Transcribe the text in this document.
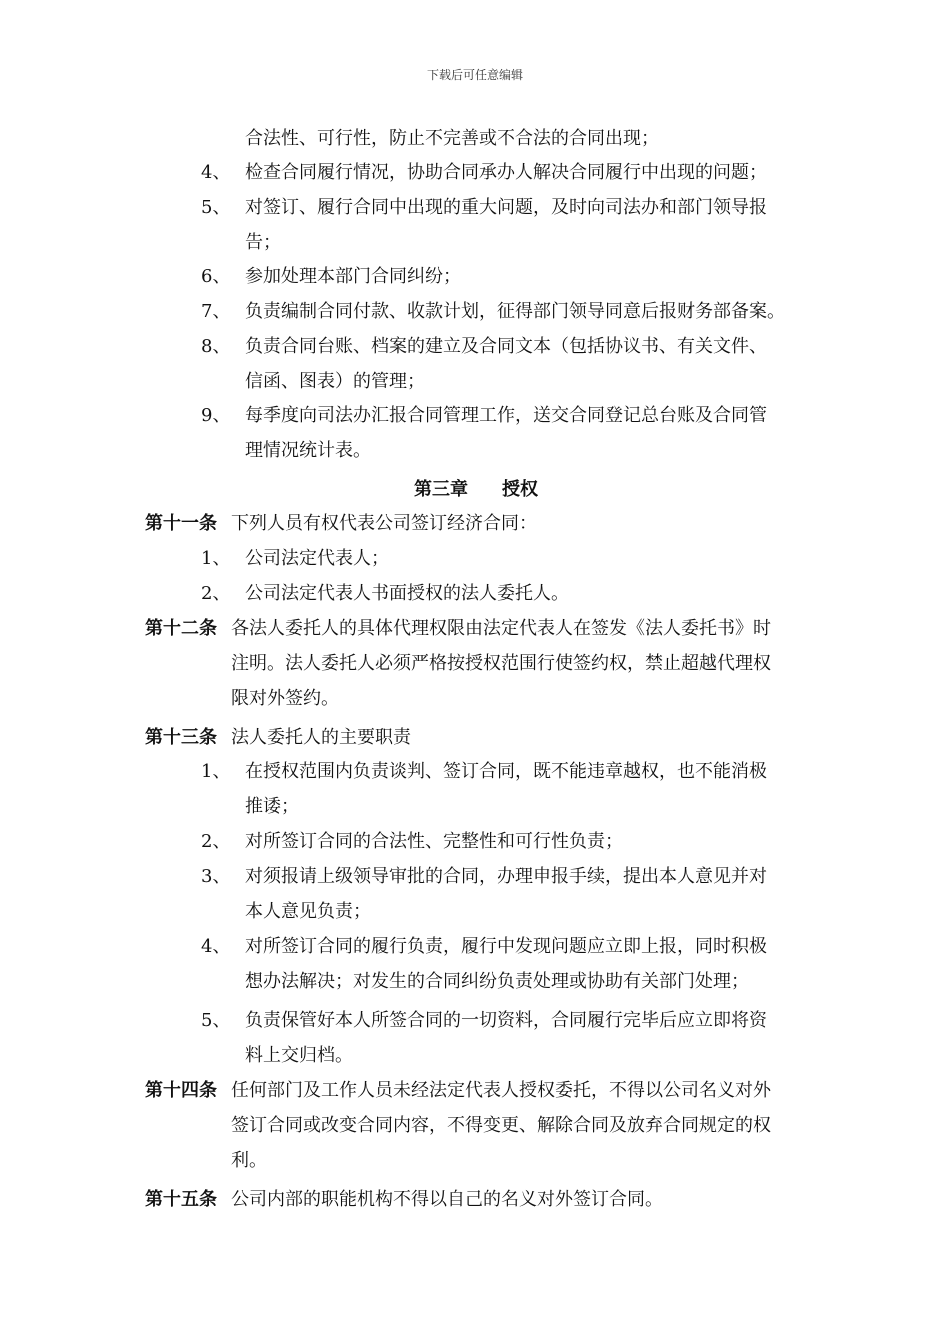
下载后可任意编辑
合法性、可行性，防止不完善或不合法的合同出现；
4、 检查合同履行情况，协助合同承办人解决合同履行中出现的问题；
5、 对签订、履行合同中出现的重大问题，及时向司法办和部门领导报
告；
6、 参加处理本部门合同纠纷；
7、 负责编制合同付款、收款计划，征得部门领导同意后报财务部备案。
8、 负责合同台账、档案的建立及合同文本（包括协议书、有关文件、
信函、图表）的管理；
9、 每季度向司法办汇报合同管理工作，送交合同登记总台账及合同管
理情况统计表。
第三章 授权
第十一条 下列人员有权代表公司签订经济合同：
1、 公司法定代表人；
2、 公司法定代表人书面授权的法人委托人。
第十二条 各法人委托人的具体代理权限由法定代表人在签发《法人委托书》时
注明。法人委托人必须严格按授权范围行使签约权，禁止超越代理权
限对外签约。
第十三条 法人委托人的主要职责
1、 在授权范围内负责谈判、签订合同，既不能违章越权，也不能消极
推诿；
2、 对所签订合同的合法性、完整性和可行性负责；
3、 对须报请上级领导审批的合同，办理申报手续，提出本人意见并对
本人意见负责；
4、 对所签订合同的履行负责，履行中发现问题应立即上报，同时积极
想办法解决；对发生的合同纠纷负责处理或协助有关部门处理；
5、 负责保管好本人所签合同的一切资料，合同履行完毕后应立即将资
料上交归档。
第十四条 任何部门及工作人员未经法定代表人授权委托，不得以公司名义对外
签订合同或改变合同内容，不得变更、解除合同及放弃合同规定的权
利。
第十五条 公司内部的职能机构不得以自己的名义对外签订合同。
